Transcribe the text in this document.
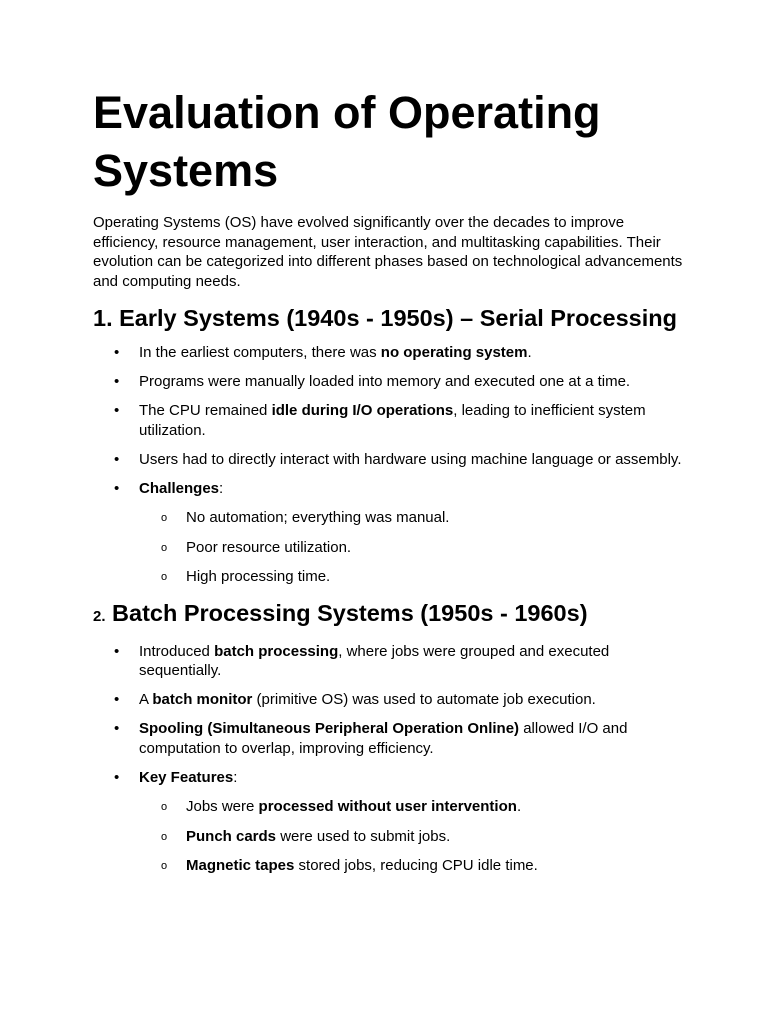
Evaluation of Operating Systems

Operating Systems (OS) have evolved significantly over the decades to improve efficiency, resource management, user interaction, and multitasking capabilities. Their evolution can be categorized into different phases based on technological advancements and computing needs.

1. Early Systems (1940s - 1950s) – Serial Processing
• In the earliest computers, there was no operating system.
• Programs were manually loaded into memory and executed one at a time.
• The CPU remained idle during I/O operations, leading to inefficient system utilization.
• Users had to directly interact with hardware using machine language or assembly.
• Challenges:
o No automation; everything was manual.
o Poor resource utilization.
o High processing time.
2. Batch Processing Systems (1950s - 1960s)
• Introduced batch processing, where jobs were grouped and executed sequentially.
• A batch monitor (primitive OS) was used to automate job execution.
• Spooling (Simultaneous Peripheral Operation Online) allowed I/O and computation to overlap, improving efficiency.
• Key Features:
o Jobs were processed without user intervention.
o Punch cards were used to submit jobs.
o Magnetic tapes stored jobs, reducing CPU idle time.
